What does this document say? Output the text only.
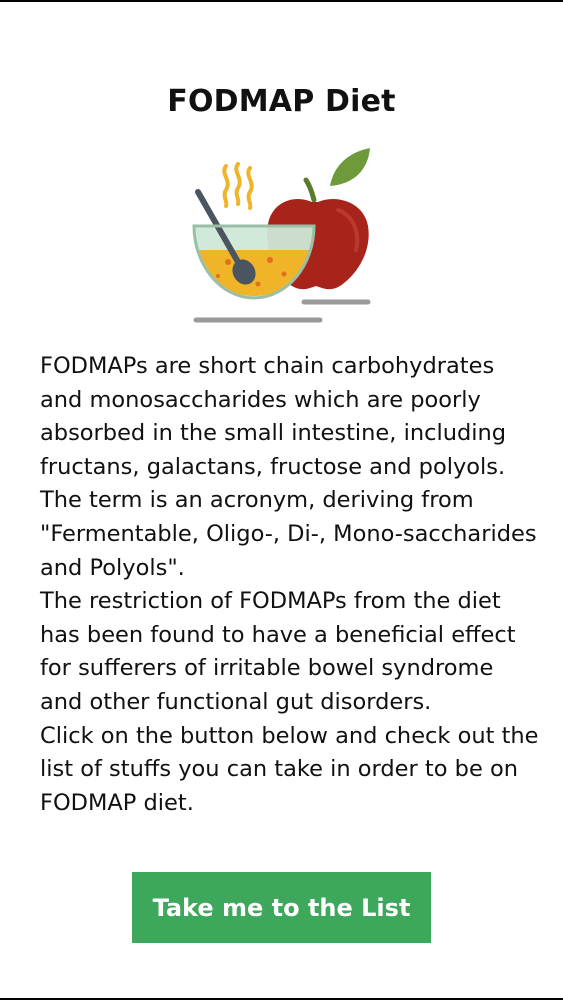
FODMAP Diet

FODMAPs are short chain carbohydrates and monosaccharides which are poorly absorbed in the small intestine, including fructans, galactans, fructose and polyols. The term is an acronym, deriving from "Fermentable, Oligo-, Di-, Mono-saccharides and Polyols".

The restriction of FODMAPs from the diet has been found to have a beneficial effect for sufferers of irritable bowel syndrome and other functional gut disorders.

Click on the button below and check out the list of stuffs you can take in order to be on FODMAP diet.

Take me to the List
